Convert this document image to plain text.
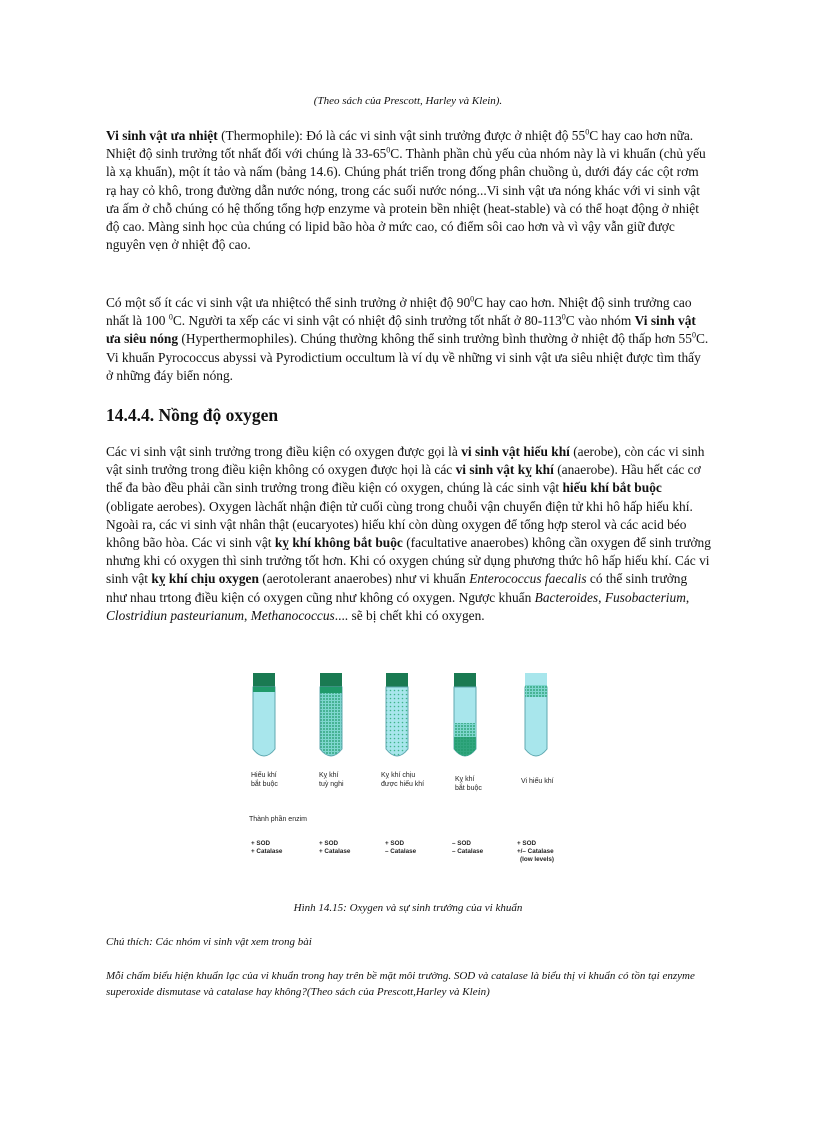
(Theo sách của Prescott, Harley và Klein).
Vi sinh vật ưa nhiệt (Thermophile): Đó là các vi sinh vật sinh trưởng được ở nhiệt độ $55^0C$ hay cao hơn nữa. Nhiệt độ sinh trưởng tốt nhất đối với chúng là $33-65^0C$. Thành phần chủ yếu của nhóm này là vi khuẩn (chủ yếu là xạ khuẩn), một ít tảo và nấm (bảng 14.6). Chúng phát triển trong đống phân chuồng ủ, dưới đáy các cột rơm rạ hay cỏ khô, trong đường dẫn nước nóng, trong các suối nước nóng...Vi sinh vật ưa nóng khác với vi sinh vật ưa ấm ở chỗ chúng có hệ thống tổng hợp enzyme và protein bền nhiệt (heat-stable) và có thể hoạt động ở nhiệt độ cao. Màng sinh học của chúng có lipid bão hòa ở mức cao, có điểm sôi cao hơn và vì vậy vẫn giữ được nguyên vẹn ở nhiệt độ cao.
Có một số ít các vi sinh vật ưa nhiệtcó thể sinh trưởng ở nhiệt độ $90^0C$ hay cao hơn. Nhiệt độ sinh trưởng cao nhất là 100 $^0$C. Người ta xếp các vi sinh vật có nhiệt độ sinh trưởng tốt nhất ở $80-113^0C$ vào nhóm Vi sinh vật ưa siêu nóng (Hyperthermophiles). Chúng thường không thể sinh trưởng bình thường ở nhiệt độ thấp hơn $55^0C$. Vi khuẩn Pyrococcus abyssi và Pyrodictium occultum là ví dụ về những vi sinh vật ưa siêu nhiệt được tìm thấy ở những đáy biển nóng.
14.4.4. Nồng độ oxygen
Các vi sinh vật sinh trưởng trong điều kiện có oxygen được gọi là vi sinh vật hiếu khí (aerobe), còn các vi sinh vật sinh trưởng trong điều kiện không có oxygen được họi là các vi sinh vật kỵ khí (anaerobe). Hầu hết các cơ thể đa bào đều phải cần sinh trưởng trong điều kiện có oxygen, chúng là các sinh vật hiếu khí bắt buộc (obligate aerobes). Oxygen làchất nhận điện tử cuối cùng trong chuỗi vận chuyển điện tử khi hô hấp hiếu khí. Ngoài ra, các vi sinh vật nhân thật (eucaryotes) hiếu khí còn dùng oxygen để tổng hợp sterol và các acid béo không bão hòa. Các vi sinh vật kỵ khí không bắt buộc (facultative anaerobes) không cần oxygen để sinh trưởng nhưng khi có oxygen thì sinh trưởng tốt hơn. Khi có oxygen chúng sử dụng phương thức hô hấp hiếu khí. Các vi sinh vật kỵ khí chịu oxygen (aerotolerant anaerobes) như vi khuẩn Enterococcus faecalis có thể sinh trưởng như nhau trtong điều kiện có oxygen cũng như không có oxygen. Ngược khuẩn Bacteroides, Fusobacterium, Clostridiun pasteurianum, Methanococcus.... sẽ bị chết khi có oxygen.
Hiếu khí
bắt buộc
Kỵ khí
tuỳ nghi
Kỵ khí chịu
được hiếu khí
Kỵ khí
bắt buộc
Vi hiếu khí
Thành phần enzim
+ SOD
+ Catalase
+ SOD
+ Catalase
+ SOD
– Catalase
– SOD
– Catalase
+ SOD
+/– Catalase
(low levels)
Hình 14.15: Oxygen và sự sinh trưởng của vi khuẩn
Chú thích: Các nhóm vi sinh vật xem trong bài
Mỗi chấm biểu hiện khuẩn lạc của vi khuẩn trong hay trên bề mặt môi trường. SOD và catalase là biểu thị vi khuẩn có tồn tại enzyme superoxide dismutase và catalase hay không?(Theo sách của Prescott,Harley và Klein)
